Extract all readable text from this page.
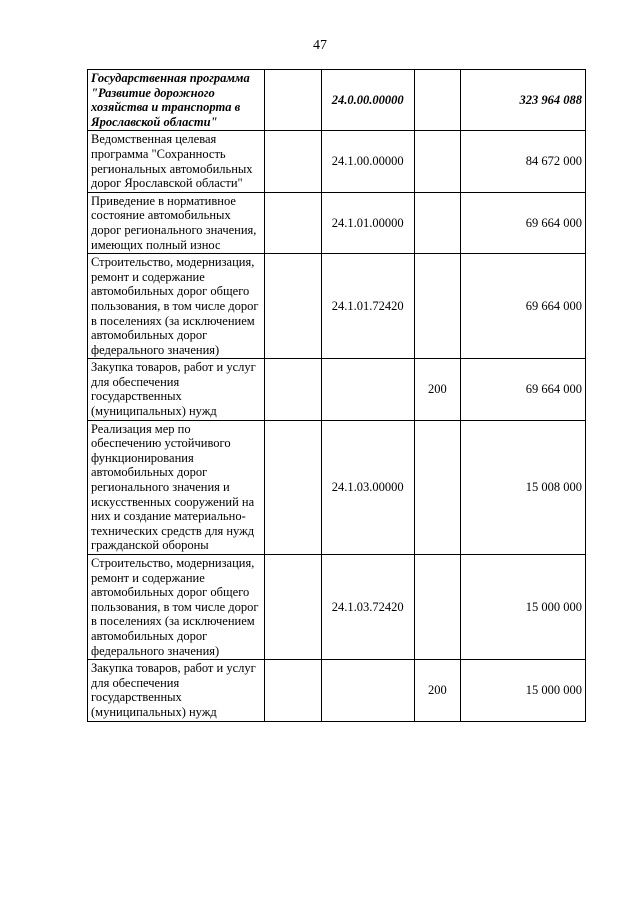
47
Государственная программа "Развитие дорожного хозяйства и транспорта в Ярославской области"		24.0.00.00000		323 964 088
Ведомственная целевая программа "Сохранность региональных автомобильных дорог Ярославской области"		24.1.00.00000		84 672 000
Приведение в нормативное состояние автомобильных дорог регионального значения, имеющих полный износ		24.1.01.00000		69 664 000
Строительство, модернизация, ремонт и содержание автомобильных дорог общего пользования, в том числе дорог в поселениях (за исключением автомобильных дорог федерального значения)		24.1.01.72420		69 664 000
Закупка товаров, работ и услуг для обеспечения государственных (муниципальных) нужд			200	69 664 000
Реализация мер по обеспечению устойчивого функционирования автомобильных дорог регионального значения и искусственных сооружений на них и создание материально-технических средств для нужд гражданской обороны		24.1.03.00000		15 008 000
Строительство, модернизация, ремонт и содержание автомобильных дорог общего пользования, в том числе дорог в поселениях (за исключением автомобильных дорог федерального значения)		24.1.03.72420		15 000 000
Закупка товаров, работ и услуг для обеспечения государственных (муниципальных) нужд			200	15 000 000
